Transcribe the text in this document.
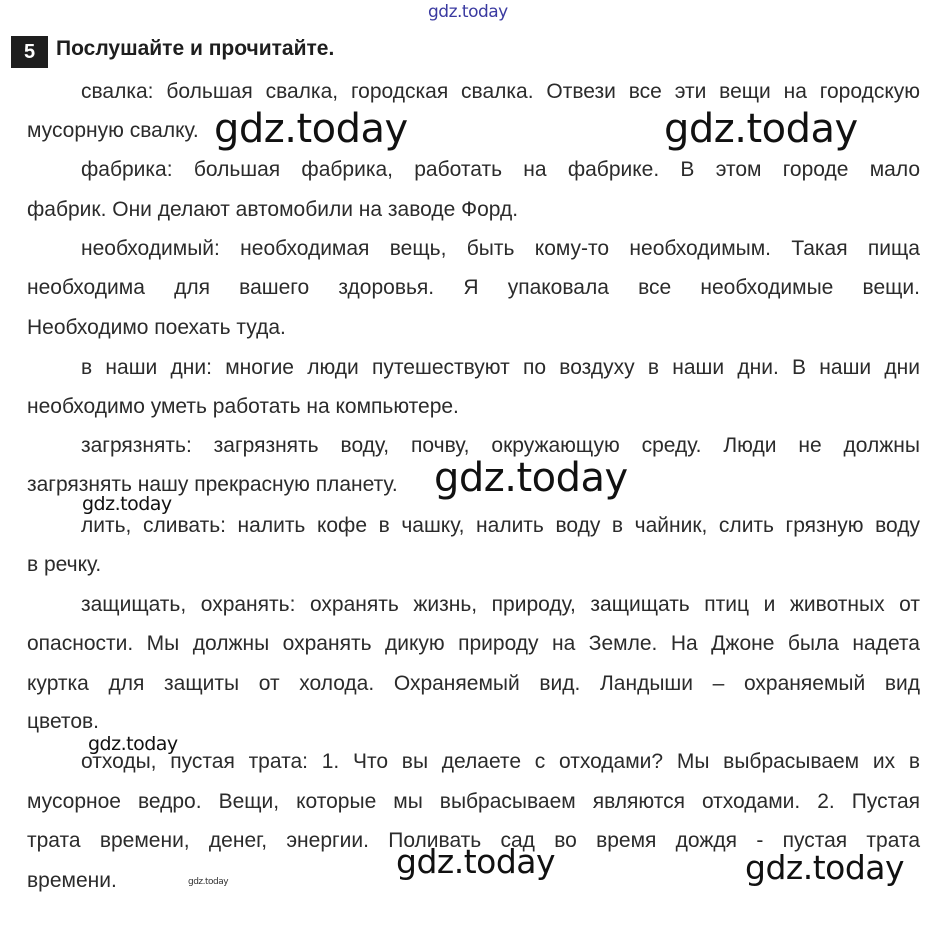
gdz.today
5 Послушайте и прочитайте.
свалка: большая свалка, городская свалка. Отвези все эти вещи на городскую
мусорную свалку.
фабрика: большая фабрика, работать на фабрике. В этом городе мало
фабрик. Они делают автомобили на заводе Форд.
необходимый: необходимая вещь, быть кому-то необходимым. Такая пища
необходима для вашего здоровья. Я упаковала все необходимые вещи.
Необходимо поехать туда.
в наши дни: многие люди путешествуют по воздуху в наши дни. В наши дни
необходимо уметь работать на компьютере.
загрязнять: загрязнять воду, почву, окружающую среду. Люди не должны
загрязнять нашу прекрасную планету.
лить, сливать: налить кофе в чашку, налить воду в чайник, слить грязную воду
в речку.
защищать, охранять: охранять жизнь, природу, защищать птиц и животных от
опасности. Мы должны охранять дикую природу на Земле. На Джоне была надета
куртка для защиты от холода. Охраняемый вид. Ландыши – охраняемый вид
цветов.
отходы, пустая трата: 1. Что вы делаете с отходами? Мы выбрасываем их в
мусорное ведро. Вещи, которые мы выбрасываем являются отходами. 2. Пустая
трата времени, денег, энергии. Поливать сад во время дождя - пустая трата
времени.
gdz.today	gdz.today
gdz.today
gdz.today
gdz.today
gdz.today	gdz.today
gdz.today
